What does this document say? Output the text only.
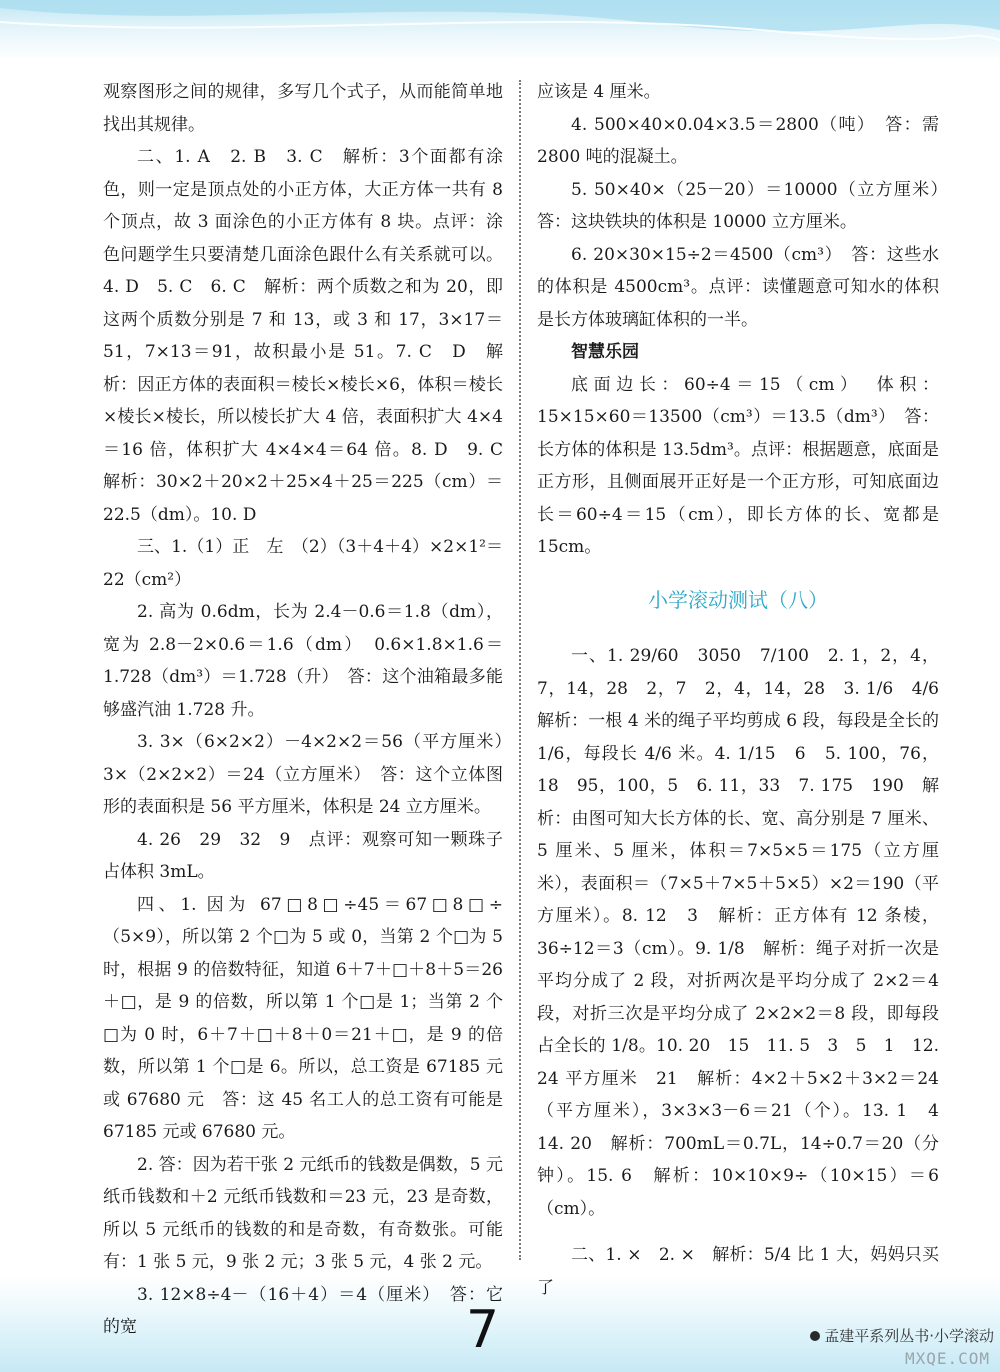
观察图形之间的规律，多写几个式子，从而能简单地找出其规律。

二、1. A　2. B　3. C　解析：3个面都有涂色，则一定是顶点处的小正方体，大正方体一共有 8 个顶点，故 3 面涂色的小正方体有 8 块。点评：涂色问题学生只要清楚几面涂色跟什么有关系就可以。4. D　5. C　6. C　解析：两个质数之和为 20，即这两个质数分别是 7 和 13，或 3 和 17，3×17＝51，7×13＝91，故积最小是 51。7. C　D　解析：因正方体的表面积＝棱长×棱长×6，体积＝棱长×棱长×棱长，所以棱长扩大 4 倍，表面积扩大 4×4＝16 倍，体积扩大 4×4×4＝64 倍。8. D　9. C　解析：30×2＋20×2＋25×4＋25＝225（cm）＝22.5（dm）。10. D

三、1.（1）正　左　（2）（3＋4＋4）×2×1²＝22（cm²）

2. 高为 0.6dm，长为 2.4－0.6＝1.8（dm），宽为 2.8－2×0.6＝1.6（dm）　0.6×1.8×1.6＝1.728（dm³）＝1.728（升）　答：这个油箱最多能够盛汽油 1.728 升。

3. 3×（6×2×2）－4×2×2＝56（平方厘米）　3×（2×2×2）＝24（立方厘米）　答：这个立体图形的表面积是 56 平方厘米，体积是 24 立方厘米。

4. 26　29　32　9　点评：观察可知一颗珠子占体积 3mL。

四、1. 因为 67□8□÷45＝67□8□÷（5×9），所以第 2 个□为 5 或 0，当第 2 个□为 5 时，根据 9 的倍数特征，知道 6＋7＋□＋8＋5＝26＋□，是 9 的倍数，所以第 1 个□是 1；当第 2 个□为 0 时，6＋7＋□＋8＋0＝21＋□，是 9 的倍数，所以第 1 个□是 6。所以，总工资是 67185 元或 67680 元　答：这 45 名工人的总工资有可能是 67185 元或 67680 元。

2. 答：因为若干张 2 元纸币的钱数是偶数，5 元纸币钱数和＋2 元纸币钱数和＝23 元，23 是奇数，所以 5 元纸币的钱数的和是奇数，有奇数张。可能有：1 张 5 元，9 张 2 元；3 张 5 元，4 张 2 元。

3. 12×8÷4－（16＋4）＝4（厘米）　答：它的宽

应该是 4 厘米。

4. 500×40×0.04×3.5＝2800（吨）　答：需 2800 吨的混凝土。

5. 50×40×（25－20）＝10000（立方厘米）　答：这块铁块的体积是 10000 立方厘米。

6. 20×30×15÷2＝4500（cm³）　答：这些水的体积是 4500cm³。点评：读懂题意可知水的体积是长方体玻璃缸体积的一半。

智慧乐园

底面边长：60÷4＝15（cm）　体积：15×15×60＝13500（cm³）＝13.5（dm³）　答：长方体的体积是 13.5dm³。点评：根据题意，底面是正方形，且侧面展开正好是一个正方形，可知底面边长＝60÷4＝15（cm），即长方体的长、宽都是 15cm。

小学滚动测试（八）

一、1. 29/60　3050　7/100　2. 1，2，4，7，14，28　2，7　2，4，14，28　3. 1/6　4/6　解析：一根 4 米的绳子平均剪成 6 段，每段是全长的 1/6，每段长 4/6 米。4. 1/15　6　5. 100，76，18　95，100，5　6. 11，33　7. 175　190　解析：由图可知大长方体的长、宽、高分别是 7 厘米、5 厘米、5 厘米，体积＝7×5×5＝175（立方厘米），表面积＝（7×5＋7×5＋5×5）×2＝190（平方厘米）。8. 12　3　解析：正方体有 12 条棱，36÷12＝3（cm）。9. 1/8　解析：绳子对折一次是平均分成了 2 段，对折两次是平均分成了 2×2＝4 段，对折三次是平均分成了 2×2×2＝8 段，即每段占全长的 1/8。10. 20　15　11. 5　3　5　1　12. 24 平方厘米　21　解析：4×2＋5×2＋3×2＝24（平方厘米），3×3×3－6＝21（个）。13. 1　4　14. 20　解析：700mL＝0.7L，14÷0.7＝20（分钟）。15. 6　解析：10×10×9÷（10×15）＝6（cm）。

二、1. ×　2. ×　解析：5/4 比 1 大，妈妈只买了

7	孟建平系列丛书·小学滚动
MXQE.COM
